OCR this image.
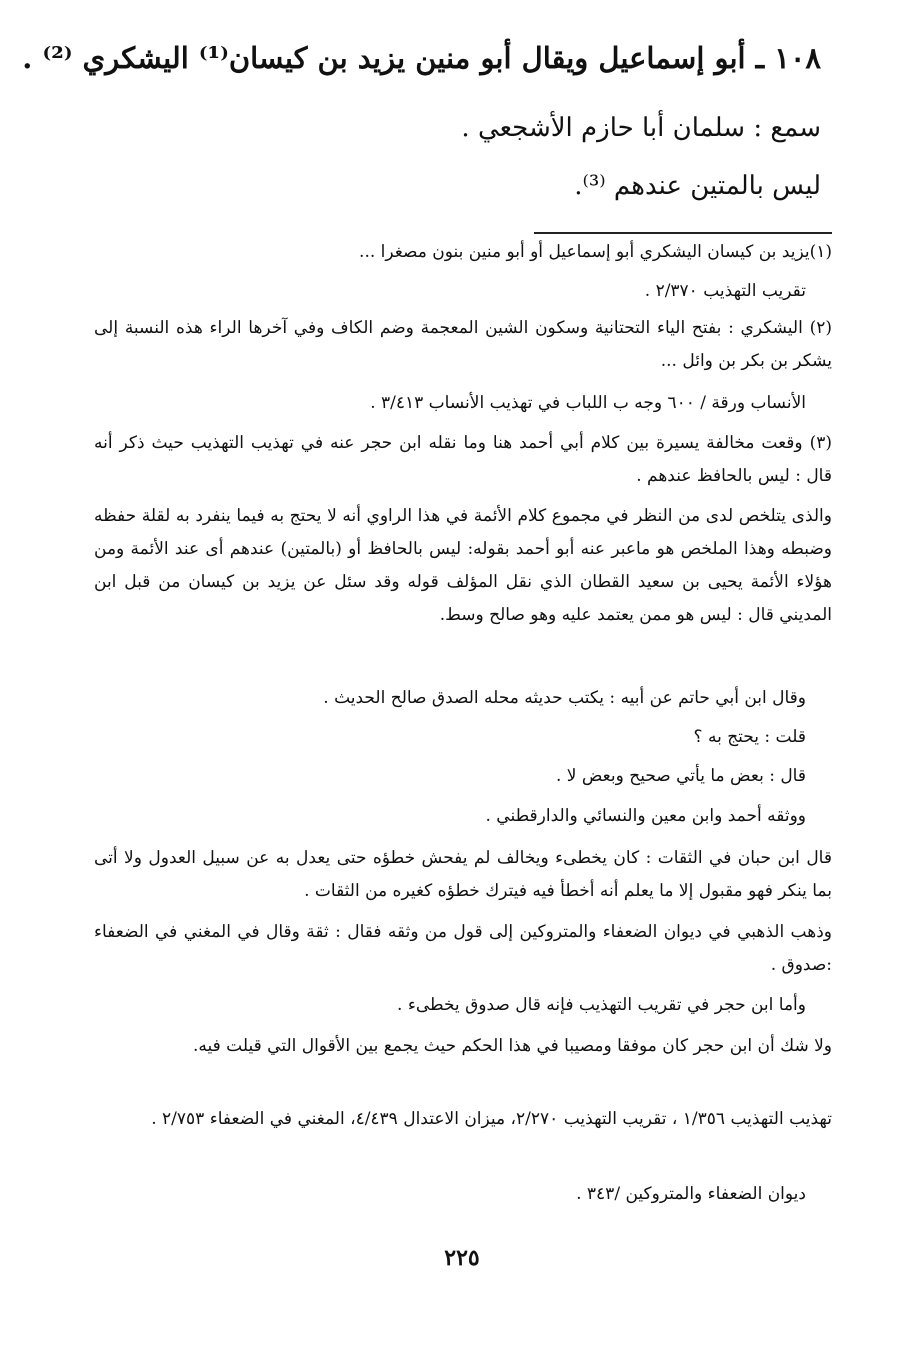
١٠٨ ـ أبو إسماعيل ويقال أبو منين يزيد بن كيسان⁽¹⁾ اليشكري ⁽²⁾ .
سمع : سلمان أبا حازم الأشجعي .
ليس بالمتين عندهم ⁽³⁾.
(١)يزيد بن كيسان اليشكري أبو إسماعيل أو أبو منين بنون مصغرا ...
تقريب التهذيب ٢/٣٧٠ .
(٢) اليشكري : بفتح الياء التحتانية وسكون الشين المعجمة وضم الكاف وفي آخرها الراء هذه النسبة إلى يشكر بن بكر بن وائل ...
الأنساب ورقة / ٦٠٠ وجه ب اللباب في تهذيب الأنساب ٣/٤١٣ .
(٣) وقعت مخالفة يسيرة بين كلام أبي أحمد هنا وما نقله ابن حجر عنه في تهذيب التهذيب حيث ذكر أنه قال : ليس بالحافظ عندهم .
والذى يتلخص لدى من النظر في مجموع كلام الأئمة في هذا الراوي أنه لا يحتج به فيما ينفرد به لقلة حفظه وضبطه وهذا الملخص هو ماعبر عنه أبو أحمد بقوله: ليس بالحافظ أو (بالمتين) عندهم أى عند الأئمة ومن هؤلاء الأئمة يحيى بن سعيد القطان الذي نقل المؤلف قوله وقد سئل عن يزيد بن كيسان من قبل ابن المديني قال : ليس هو ممن يعتمد عليه وهو صالح وسط.
وقال ابن أبي حاتم عن أبيه : يكتب حديثه محله الصدق صالح الحديث .
قلت : يحتج به ؟
قال : بعض ما يأتي صحيح وبعض لا .
ووثقه أحمد وابن معين والنسائي والدارقطني .
قال ابن حبان في الثقات : كان يخطىء ويخالف لم يفحش خطؤه حتى يعدل به عن سبيل العدول ولا أتى بما ينكر فهو مقبول إلا ما يعلم أنه أخطأ فيه فيترك خطؤه كغيره من الثقات .
وذهب الذهبي في ديوان الضعفاء والمتروكين إلى قول من وثقه فقال : ثقة وقال في المغني في الضعفاء :صدوق .
وأما ابن حجر في تقريب التهذيب فإنه قال صدوق يخطىء .
ولا شك أن ابن حجر كان موفقا ومصيبا في هذا الحكم حيث يجمع بين الأقوال التي قيلت فيه.
تهذيب التهذيب ١/٣٥٦ ، تقريب التهذيب ٢/٢٧٠، ميزان الاعتدال ٤/٤٣٩، المغني في الضعفاء ٢/٧٥٣ .
ديوان الضعفاء والمتروكين /٣٤٣ .
٢٢٥
